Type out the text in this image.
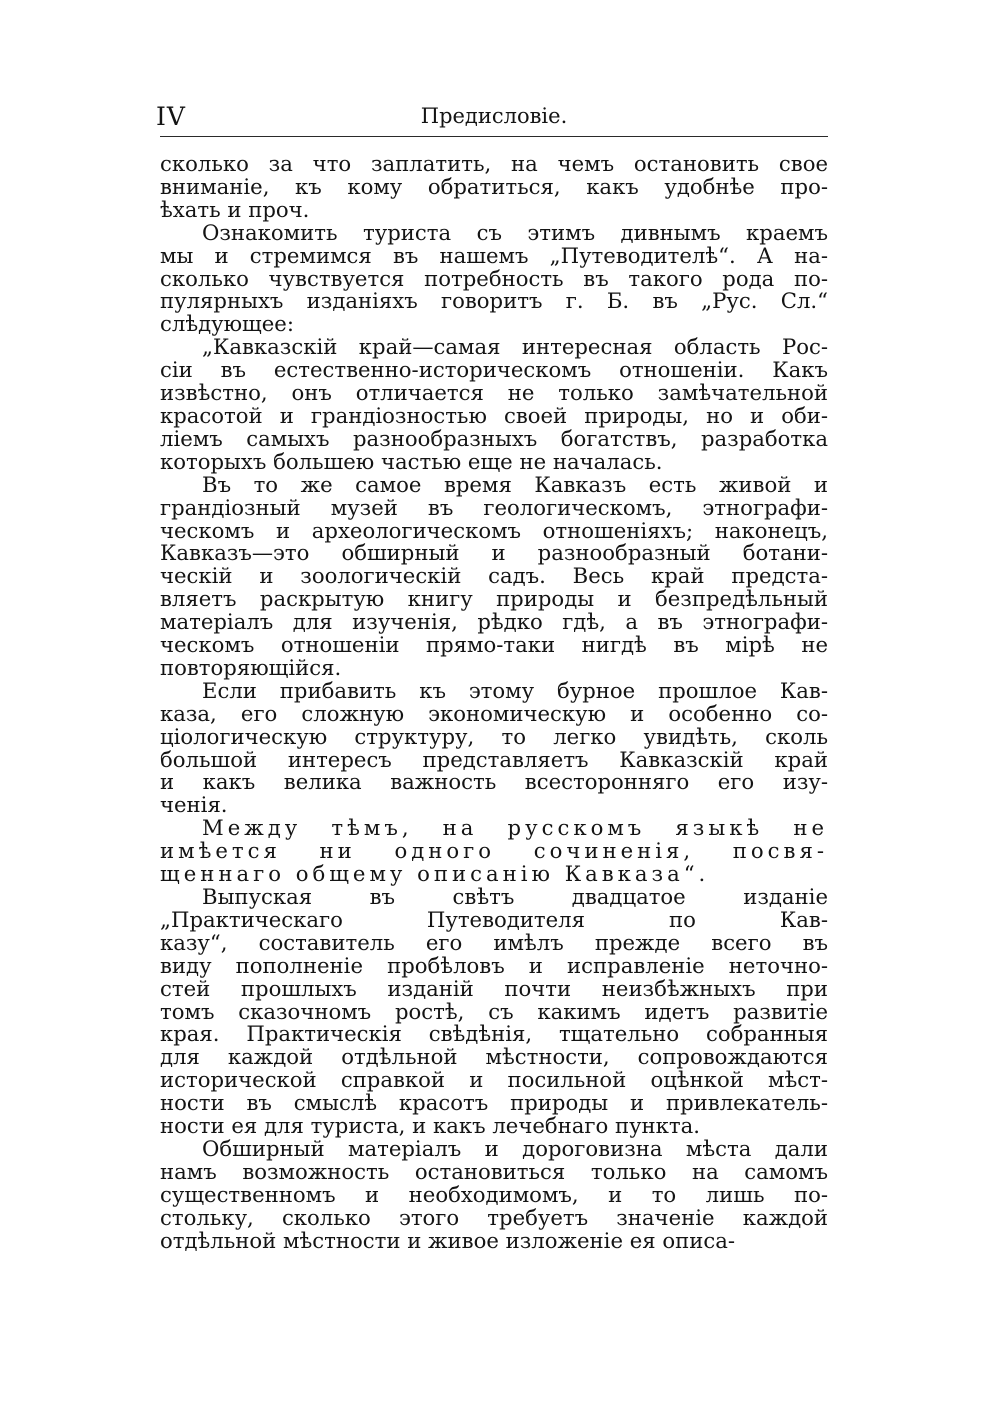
IV	Предисловіе.
сколько за что заплатить, на чемъ остановить свое
вниманіе, къ кому обратиться, какъ удобнѣе про-
ѣхать и проч.
Ознакомить туриста съ этимъ дивнымъ краемъ
мы и стремимся въ нашемъ „Путеводителѣ“. А на-
сколько чувствуется потребность въ такого рода по-
пулярныхъ изданіяхъ говоритъ г. Б. въ „Рус. Сл.“
слѣдующее:
„Кавказскій край—самая интересная область Рос-
сіи въ естественно-историческомъ отношеніи. Какъ
извѣстно, онъ отличается не только замѣчательной
красотой и грандіозностью своей природы, но и оби-
ліемъ самыхъ разнообразныхъ богатствъ, разработка
которыхъ большею частью еще не началась.
Въ то же самое время Кавказъ есть живой и
грандіозный музей въ геологическомъ, этнографи-
ческомъ и археологическомъ отношеніяхъ; наконецъ,
Кавказъ—это обширный и разнообразный ботани-
ческій и зоологическій садъ. Весь край предста-
вляетъ раскрытую книгу природы и безпредѣльный
матеріалъ для изученія, рѣдко гдѣ, а въ этнографи-
ческомъ отношеніи прямо-таки нигдѣ въ мірѣ не
повторяющійся.
Если прибавить къ этому бурное прошлое Кав-
каза, его сложную экономическую и особенно со-
ціологическую структуру, то легко увидѣть, сколь
большой интересъ представляетъ Кавказскій край
и какъ велика важность всесторонняго его изу-
ченія.
Между тѣмъ, на русскомъ языкѣ не
имѣется ни одного сочиненія, посвя-
щеннаго общему описанію Кавказа“.
Выпуская въ свѣтъ двадцатое изданіе
„Практическаго Путеводителя по Кав-
казу“, составитель его имѣлъ прежде всего въ
виду пополненіе пробѣловъ и исправленіе неточно-
стей прошлыхъ изданій почти неизбѣжныхъ при
томъ сказочномъ ростѣ, съ какимъ идетъ развитіе
края. Практическія свѣдѣнія, тщательно собранныя
для каждой отдѣльной мѣстности, сопровождаются
исторической справкой и посильной оцѣнкой мѣст-
ности въ смыслѣ красотъ природы и привлекатель-
ности ея для туриста, и какъ лечебнаго пункта.
Обширный матеріалъ и дороговизна мѣста дали
намъ возможность остановиться только на самомъ
существенномъ и необходимомъ, и то лишь по-
стольку, сколько этого требуетъ значеніе каждой
отдѣльной мѣстности и живое изложеніе ея описа-
